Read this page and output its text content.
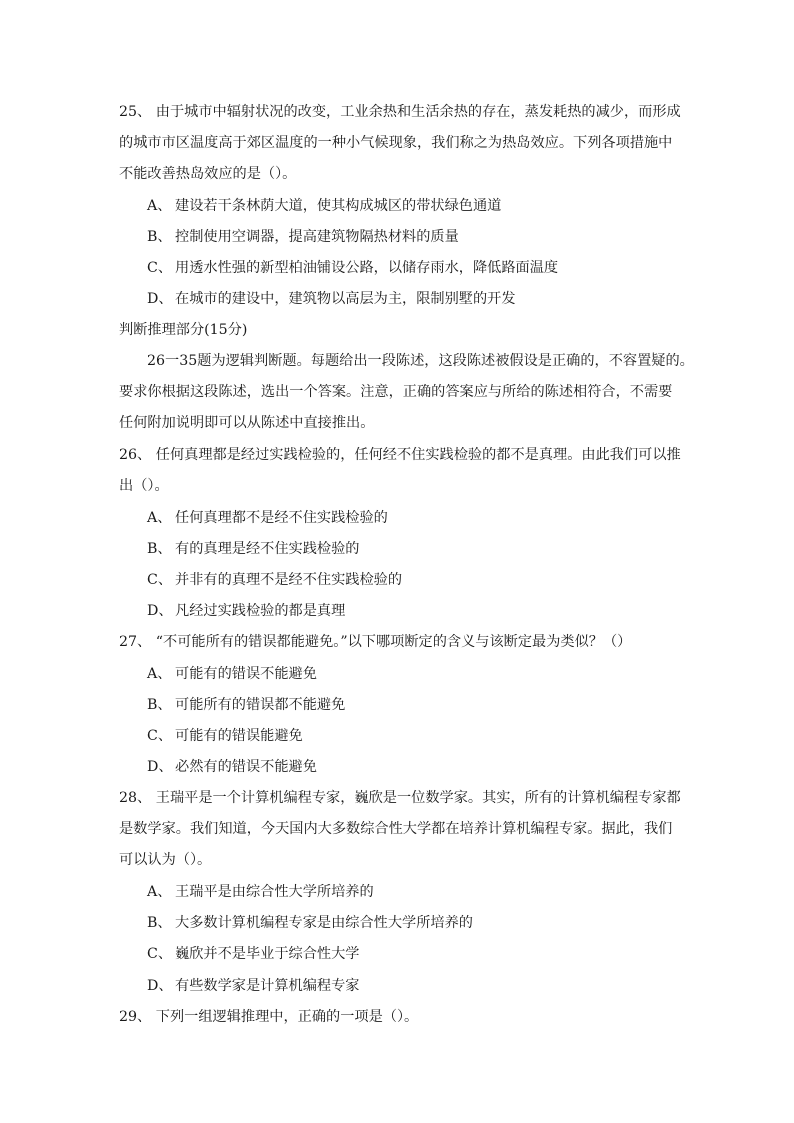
25、 由于城市中辐射状况的改变，工业余热和生活余热的存在，蒸发耗热的减少，而形成
的城市市区温度高于郊区温度的一种小气候现象，我们称之为热岛效应。下列各项措施中
不能改善热岛效应的是（）。
A、 建设若干条林荫大道，使其构成城区的带状绿色通道
B、 控制使用空调器，提高建筑物隔热材料的质量
C、 用透水性强的新型柏油铺设公路，以储存雨水，降低路面温度
D、 在城市的建设中，建筑物以高层为主，限制别墅的开发
判断推理部分(15分)
26一35题为逻辑判断题。每题给出一段陈述，这段陈述被假设是正确的，不容置疑的。
要求你根据这段陈述，选出一个答案。注意，正确的答案应与所给的陈述相符合，不需要
任何附加说明即可以从陈述中直接推出。
26、 任何真理都是经过实践检验的，任何经不住实践检验的都不是真理。由此我们可以推
出（）。
A、 任何真理都不是经不住实践检验的
B、 有的真理是经不住实践检验的
C、 并非有的真理不是经不住实践检验的
D、 凡经过实践检验的都是真理
27、 “不可能所有的错误都能避免。”以下哪项断定的含义与该断定最为类似？（）
A、 可能有的错误不能避免
B、 可能所有的错误都不能避免
C、 可能有的错误能避免
D、 必然有的错误不能避免
28、 王瑞平是一个计算机编程专家，巍欣是一位数学家。其实，所有的计算机编程专家都
是数学家。我们知道，今天国内大多数综合性大学都在培养计算机编程专家。据此，我们
可以认为（）。
A、 王瑞平是由综合性大学所培养的
B、 大多数计算机编程专家是由综合性大学所培养的
C、 巍欣并不是毕业于综合性大学
D、 有些数学家是计算机编程专家
29、 下列一组逻辑推理中，正确的一项是（）。
